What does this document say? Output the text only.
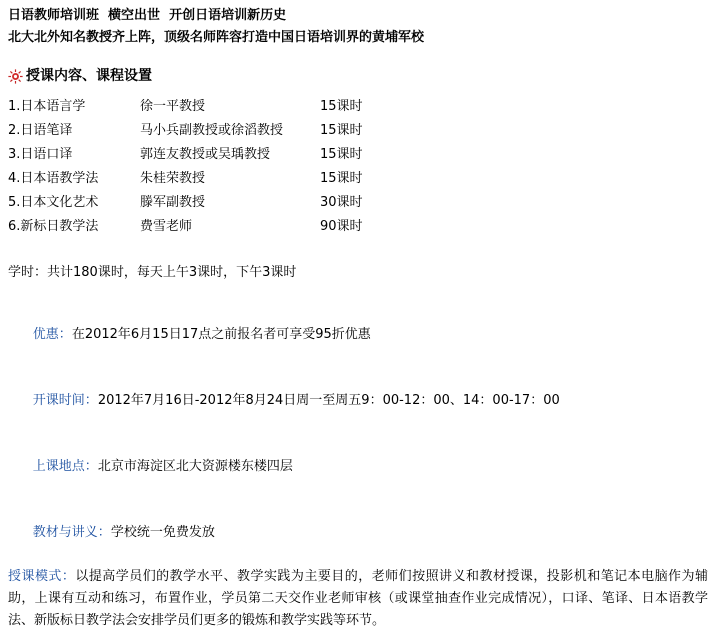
日语教师培训班  横空出世  开创日语培训新历史
北大北外知名教授齐上阵，顶级名师阵容打造中国日语培训界的黄埔军校
授课内容、课程设置
1.日本语言学	徐一平教授	15课时
2.日语笔译	马小兵副教授或徐滔教授	15课时
3.日语口译	郭连友教授或吴瑀教授	15课时
4.日本语教学法	朱桂荣教授	15课时
5.日本文化艺术	滕军副教授	30课时
6.新标日教学法	费雪老师	90课时
学时：共计180课时，每天上午3课时，下午3课时

优惠：在2012年6月15日17点之前报名者可享受95折优惠

开课时间：2012年7月16日-2012年8月24日周一至周五9：00-12：00、14：00-17：00

上课地点：北京市海淀区北大资源楼东楼四层

教材与讲义：学校统一免费发放

授课模式：以提高学员们的教学水平、教学实践为主要目的，老师们按照讲义和教材授课，投影机和笔记本电脑作为辅助，上课有互动和练习，布置作业，学员第二天交作业老师审核（或课堂抽查作业完成情况），口译、笔译、日本语教学法、新版标日教学法会安排学员们更多的锻炼和教学实践等环节。
